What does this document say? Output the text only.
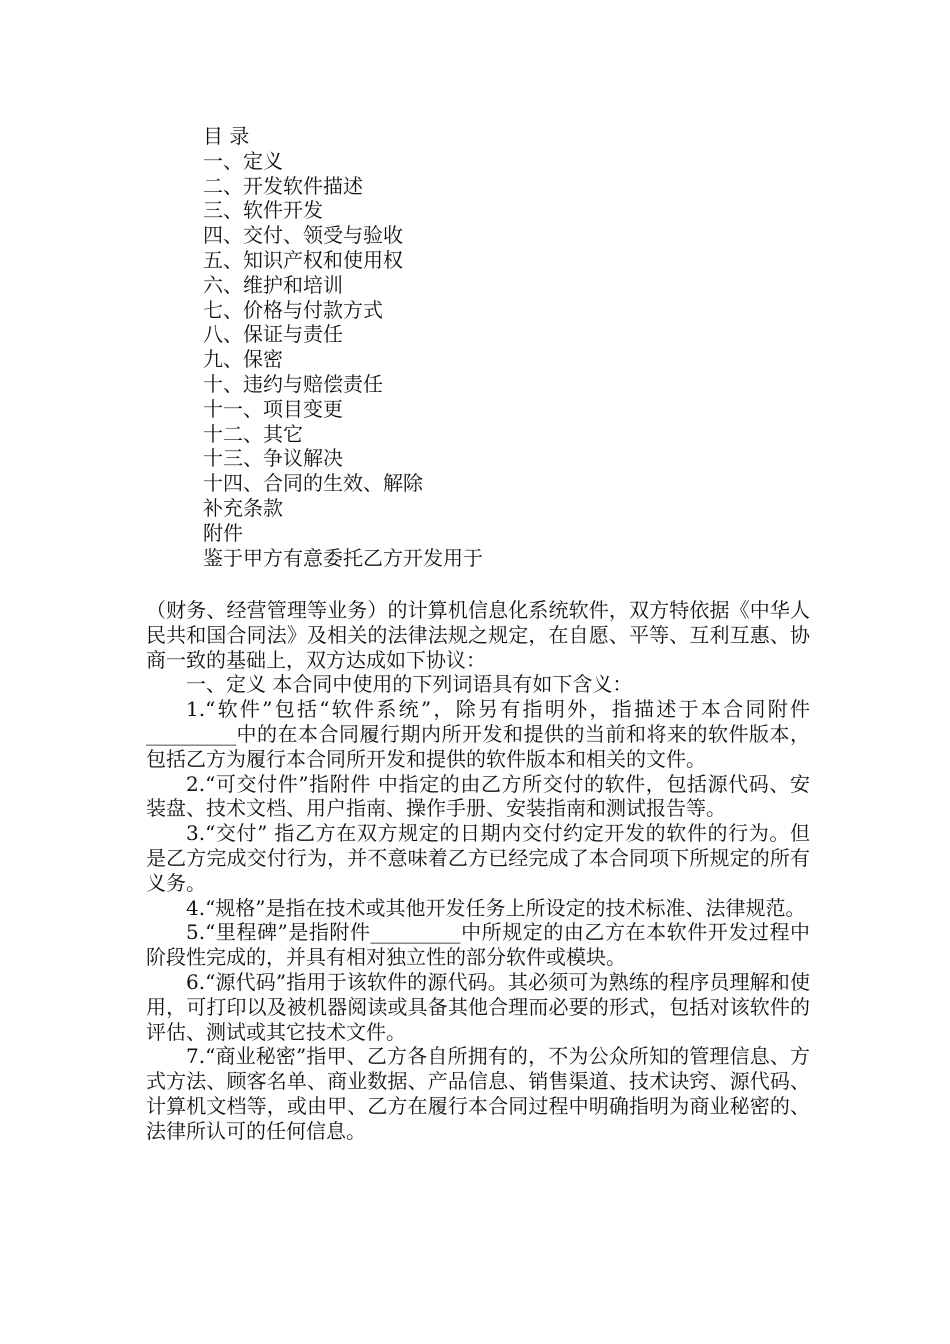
目 录
一、定义
二、开发软件描述
三、软件开发
四、交付、领受与验收
五、知识产权和使用权
六、维护和培训
七、价格与付款方式
八、保证与责任
九、保密
十、违约与赔偿责任
十一、项目变更
十二、其它
十三、争议解决
十四、合同的生效、解除
补充条款
附件
鉴于甲方有意委托乙方开发用于

（财务、经营管理等业务）的计算机信息化系统软件，双方特依据《中华人民共和国合同法》及相关的法律法规之规定，在自愿、平等、互利互惠、协商一致的基础上，双方达成如下协议：

一、定义 本合同中使用的下列词语具有如下含义：

1.“软件”包括“软件系统”，除另有指明外，指描述于本合同附件_________中的在本合同履行期内所开发和提供的当前和将来的软件版本，包括乙方为履行本合同所开发和提供的软件版本和相关的文件。

2.“可交付件”指附件 中指定的由乙方所交付的软件，包括源代码、安装盘、技术文档、用户指南、操作手册、安装指南和测试报告等。

3.“交付” 指乙方在双方规定的日期内交付约定开发的软件的行为。但是乙方完成交付行为，并不意味着乙方已经完成了本合同项下所规定的所有义务。

4.“规格”是指在技术或其他开发任务上所设定的技术标准、法律规范。

5.“里程碑”是指附件_________中所规定的由乙方在本软件开发过程中阶段性完成的，并具有相对独立性的部分软件或模块。

6.“源代码”指用于该软件的源代码。其必须可为熟练的程序员理解和使用，可打印以及被机器阅读或具备其他合理而必要的形式，包括对该软件的评估、测试或其它技术文件。

7.“商业秘密”指甲、乙方各自所拥有的，不为公众所知的管理信息、方式方法、顾客名单、商业数据、产品信息、销售渠道、技术诀窍、源代码、计算机文档等，或由甲、乙方在履行本合同过程中明确指明为商业秘密的、法律所认可的任何信息。
